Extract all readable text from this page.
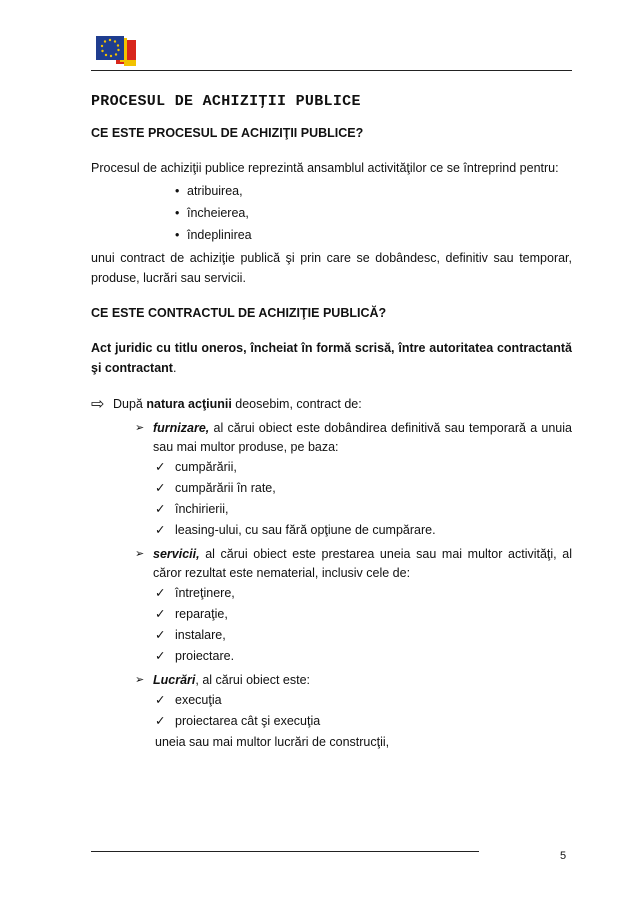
PROCESUL DE ACHIZIŢII PUBLICE
CE ESTE PROCESUL DE ACHIZIŢII PUBLICE?

Procesul de achiziţii publice reprezintă ansamblul activităţilor ce se întreprind pentru:

• atribuirea,
• încheierea,
• îndeplinirea

unui contract de achiziţie publică şi prin care se dobândesc, definitiv sau temporar, produse, lucrări sau servicii.

CE ESTE CONTRACTUL DE ACHIZIŢIE PUBLICĂ?

Act juridic cu titlu oneros, încheiat în formă scrisă, între autoritatea contractantă şi contractant.

⇨ După natura acţiunii deosebim, contract de:
➢ furnizare, al cărui obiect este dobândirea definitivă sau temporară a unuia sau mai multor produse, pe baza:
✓ cumpărării,
✓ cumpărării în rate,
✓ închirierii,
✓ leasing-ului, cu sau fără opţiune de cumpărare.
➢ servicii, al cărui obiect este prestarea uneia sau mai multor activităţi, al căror rezultat este nematerial, inclusiv cele de:
✓ întreţinere,
✓ reparaţie,
✓ instalare,
✓ proiectare.
➢ Lucrări, al cărui obiect este:
✓ execuţia
✓ proiectarea cât şi execuţia
uneia sau mai multor lucrări de construcţii,
5
